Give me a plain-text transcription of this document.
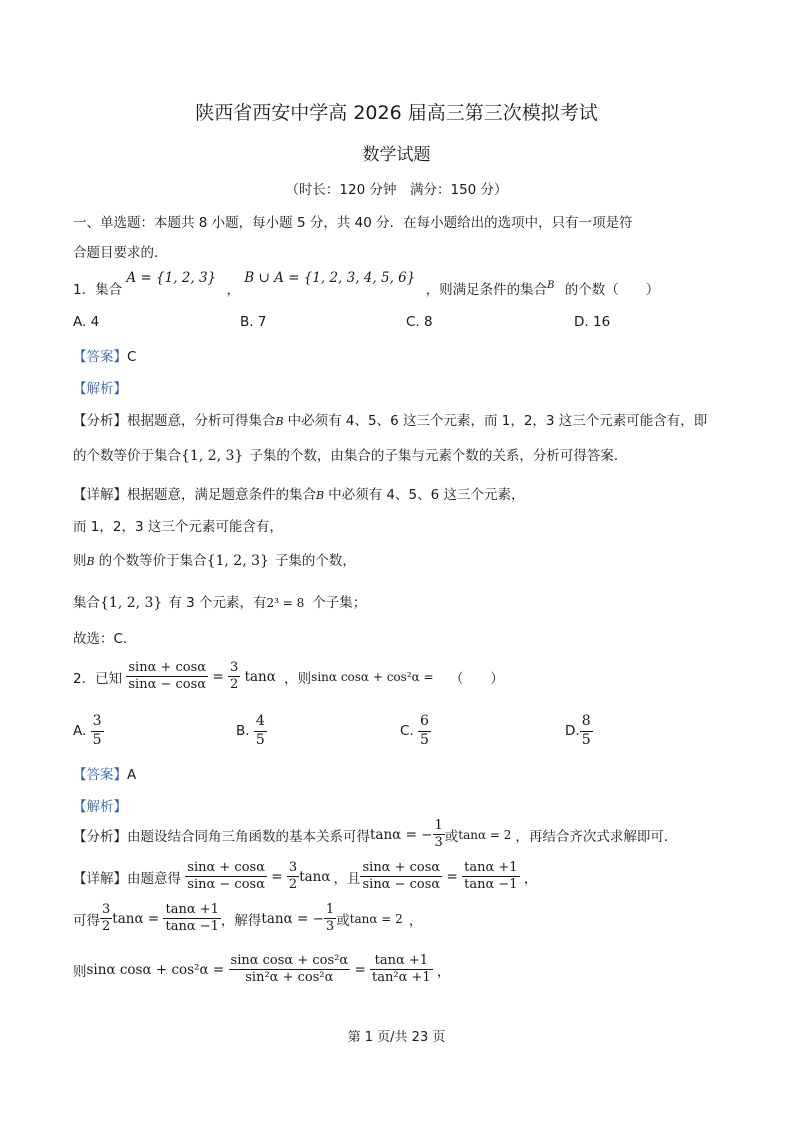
陕西省西安中学高 2026 届高三第三次模拟考试
数学试题
（时长：120 分钟　满分：150 分）
一、单选题：本题共 8 小题，每小题 5 分，共 40 分．在每小题给出的选项中，只有一项是符
合题目要求的．
1．集合 A = {1, 2, 3} ， B ∪ A = {1, 2, 3, 4, 5, 6} ，则满足条件的集合$^B$ 的个数（　　）
A. 4	B. 7	C. 8	D. 16
【答案】C
【解析】
【分析】根据题意，分析可得集合B 中必须有 4、5、6 这三个元素，而 1，2，3 这三个元素可能含有，即
的个数等价于集合{1, 2, 3} 子集的个数，由集合的子集与元素个数的关系，分析可得答案．
【详解】根据题意，满足题意条件的集合B 中必须有 4、5、6 这三个元素，
而 1，2，3 这三个元素可能含有，
则B 的个数等价于集合{1, 2, 3} 子集的个数，
集合{1, 2, 3} 有 3 个元素，有2³ = 8 个子集；
故选：C．
2．已知 $\frac{\sin\alpha + \cos\alpha}{\sin\alpha - \cos\alpha} = \frac{3}{2}$ tanα ，则sinα cosα + cos²α = （　　）
A. $\frac{3}{5}$	B. $\frac{4}{5}$	C. $\frac{6}{5}$	D. $\frac{8}{5}$
【答案】A
【解析】
【分析】由题设结合同角三角函数的基本关系可得tanα = − $\frac{1}{3}$ 或tanα = 2 ，再结合齐次式求解即可．
【详解】由题意得 $\frac{\sin\alpha + \cos\alpha}{\sin\alpha - \cos\alpha} = \frac{3}{2}$ tanα ，且 $\frac{\sin\alpha + \cos\alpha}{\sin\alpha - \cos\alpha} = \frac{\tan\alpha +1}{\tan\alpha -1}$ ，
可得 $\frac{3}{2}$ $\tan\alpha = \frac{\tan\alpha +1}{\tan\alpha -1}$ ，解得tanα = − $\frac{1}{3}$ 或tanα = 2 ，
则sinα $\cos\alpha + \cos^2\alpha = \frac{\text{sinα cosα + cos²α}}{\text{sin²α + cos²α}} = \frac{\tan\alpha +1}{\text{tan²α +1}}$ ，
第 1 页/共 23 页
